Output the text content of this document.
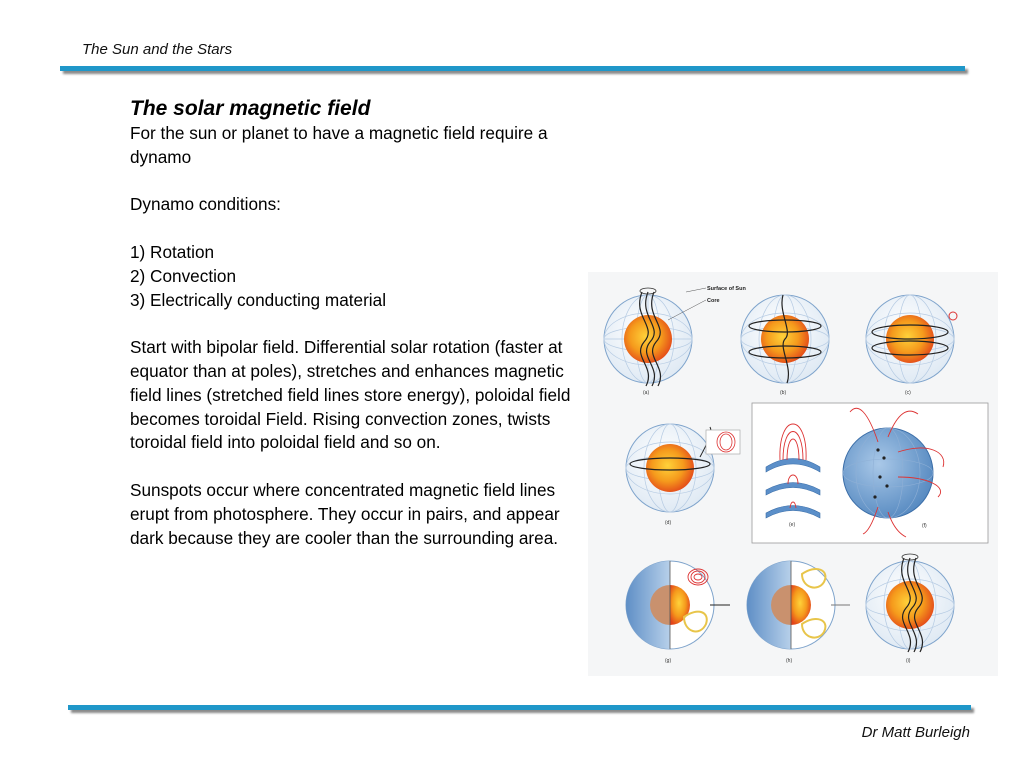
The Sun and the Stars
The solar magnetic field

For the sun or planet to have a magnetic field require a dynamo

Dynamo conditions:

1) Rotation

2) Convection

3) Electrically conducting material

Start with bipolar field. Differential solar rotation (faster at equator than at poles), stretches and enhances magnetic field lines (stretched field lines store energy), poloidal field becomes toroidal Field. Rising convection zones, twists toroidal field into poloidal field and so on.

Sunspots occur where concentrated magnetic field lines erupt from photosphere. They occur in pairs, and appear dark because they are cooler than the surrounding area.

Surface of Sun
Core
(a)	(b)	(c)
(d)	(e)	(f)
(g)	(h)	(i)
Dr Matt Burleigh
